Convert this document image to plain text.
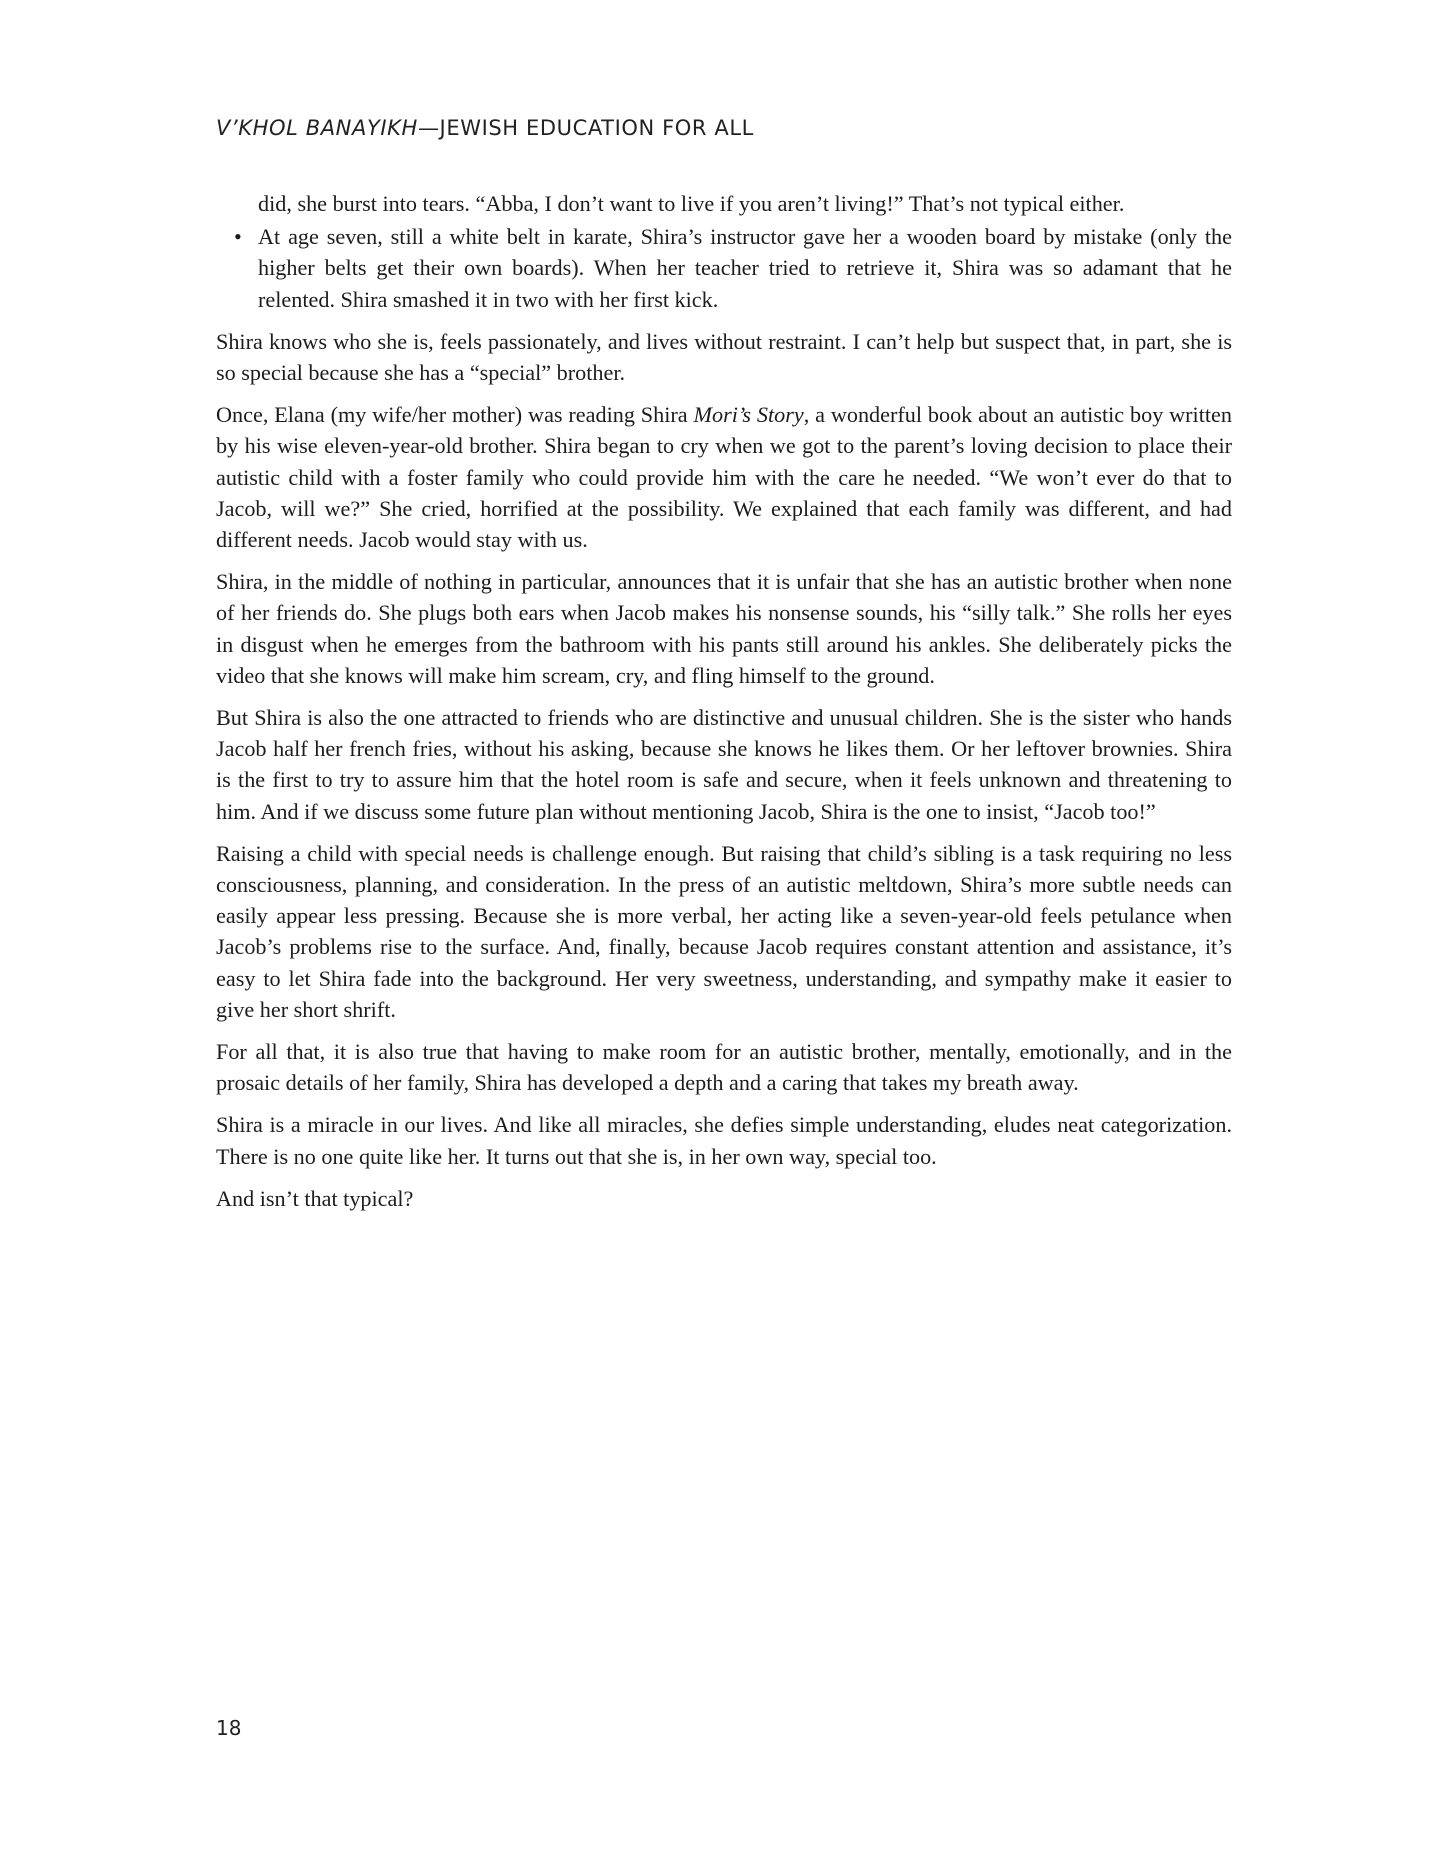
V’KHOL BANAYIKH—JEWISH EDUCATION FOR ALL

did, she burst into tears. “Abba, I don’t want to live if you aren’t living!” That’s not typical either.

• At age seven, still a white belt in karate, Shira’s instructor gave her a wooden board by mistake (only the higher belts get their own boards). When her teacher tried to retrieve it, Shira was so adamant that he relented. Shira smashed it in two with her first kick.

Shira knows who she is, feels passionately, and lives without restraint. I can’t help but suspect that, in part, she is so special because she has a “special” brother.

Once, Elana (my wife/her mother) was reading Shira Mori’s Story, a wonderful book about an autistic boy written by his wise eleven-year-old brother. Shira began to cry when we got to the parent’s loving decision to place their autistic child with a foster family who could provide him with the care he needed. “We won’t ever do that to Jacob, will we?” She cried, horrified at the possibility. We explained that each family was different, and had different needs. Jacob would stay with us.

Shira, in the middle of nothing in particular, announces that it is unfair that she has an autistic brother when none of her friends do. She plugs both ears when Jacob makes his nonsense sounds, his “silly talk.” She rolls her eyes in disgust when he emerges from the bathroom with his pants still around his ankles. She deliberately picks the video that she knows will make him scream, cry, and fling himself to the ground.

But Shira is also the one attracted to friends who are distinctive and unusual children. She is the sister who hands Jacob half her french fries, without his asking, because she knows he likes them. Or her leftover brownies. Shira is the first to try to assure him that the hotel room is safe and secure, when it feels unknown and threatening to him. And if we discuss some future plan without mentioning Jacob, Shira is the one to insist, “Jacob too!”

Raising a child with special needs is challenge enough. But raising that child’s sibling is a task requiring no less consciousness, planning, and consideration. In the press of an autistic meltdown, Shira’s more subtle needs can easily appear less pressing. Because she is more verbal, her acting like a seven-year-old feels petulance when Jacob’s problems rise to the surface. And, finally, because Jacob requires constant attention and assistance, it’s easy to let Shira fade into the background. Her very sweetness, understanding, and sympathy make it easier to give her short shrift.

For all that, it is also true that having to make room for an autistic brother, mentally, emotionally, and in the prosaic details of her family, Shira has developed a depth and a caring that takes my breath away.

Shira is a miracle in our lives. And like all miracles, she defies simple understanding, eludes neat categorization. There is no one quite like her. It turns out that she is, in her own way, special too.

And isn’t that typical?

18
